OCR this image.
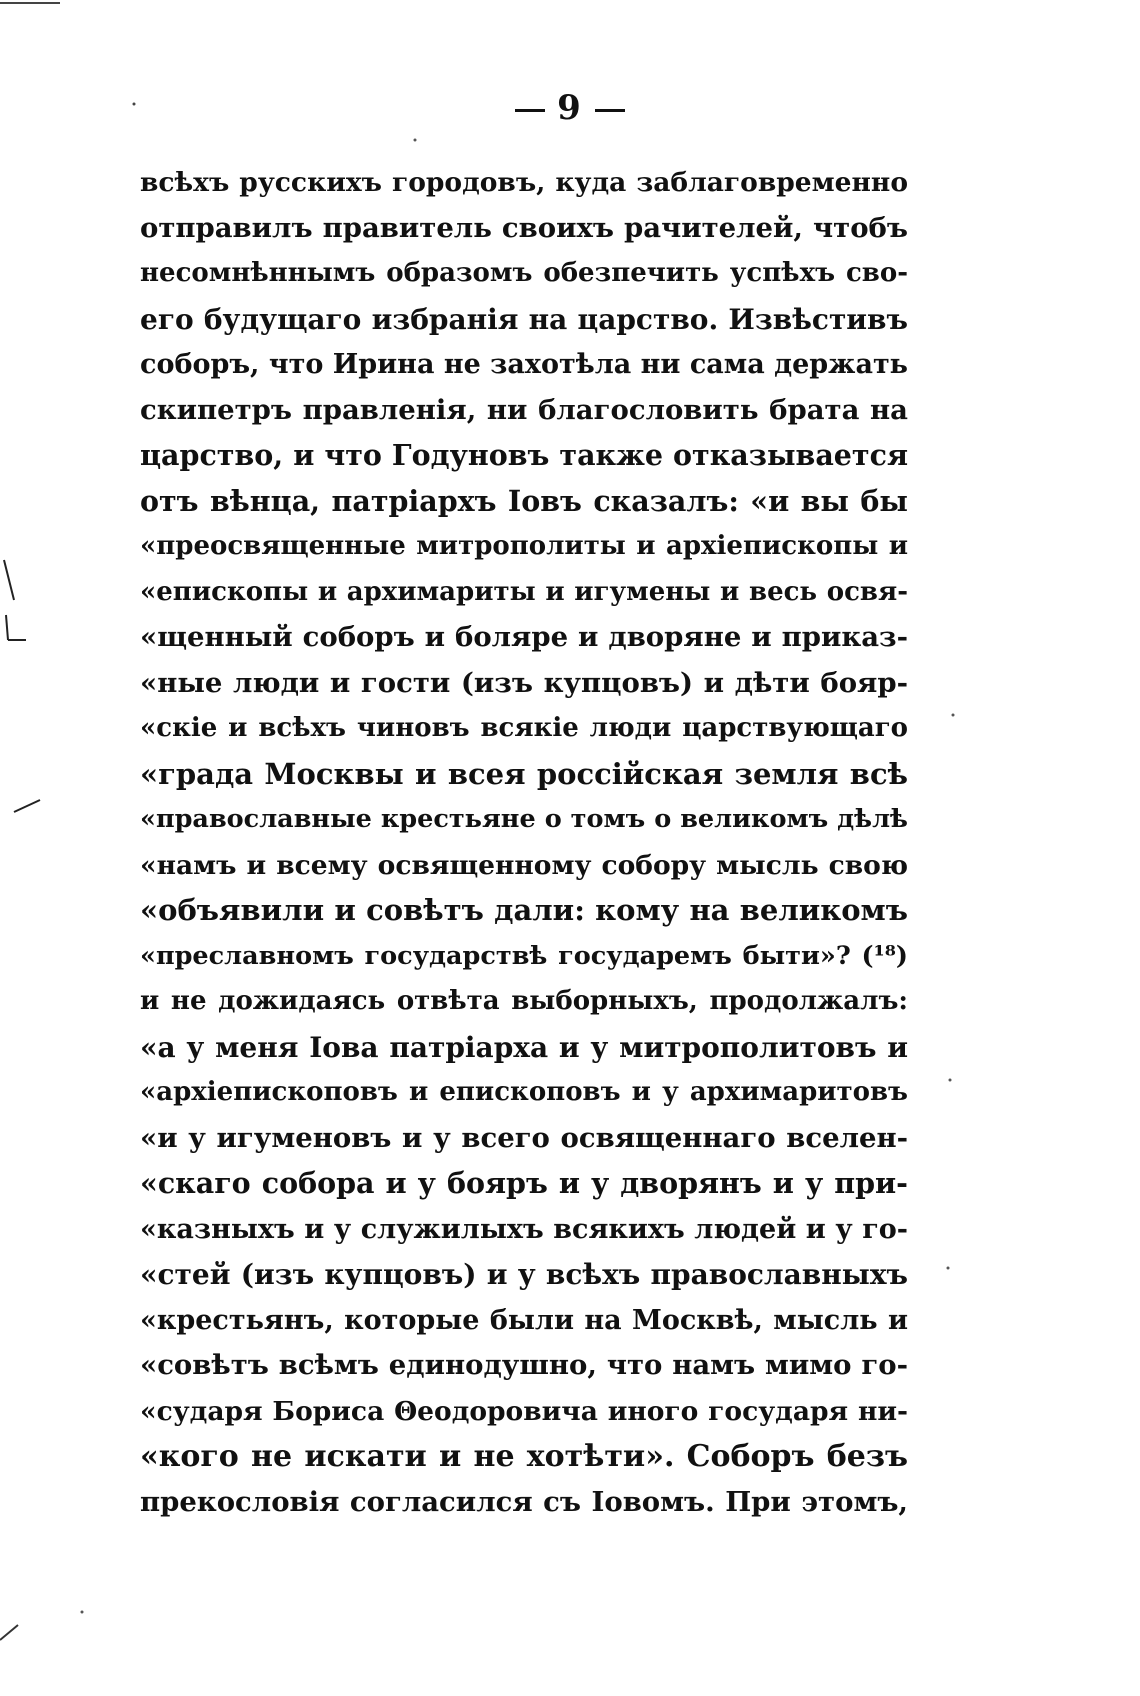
9
всѣхъ русскихъ городовъ, куда заблаговременно
отправилъ правитель своихъ рачителей, чтобъ
несомнѣннымъ образомъ обезпечить успѣхъ сво-
его будущаго избранія на царство. Извѣстивъ
соборъ, что Ирина не захотѣла ни сама держать
скипетръ правленія, ни благословить брата на
царство, и что Годуновъ также отказывается
отъ вѣнца, патріархъ Іовъ сказалъ: «и вы бы
«преосвященные митрополиты и архіепископы и
«епископы и архимариты и игумены и весь освя-
«щенный соборъ и боляре и дворяне и приказ-
«ные люди и гости (изъ купцовъ) и дѣти бояр-
«скіе и всѣхъ чиновъ всякіе люди царствующаго
«града Москвы и всея россійская земля вcѣ
«православные крестьяне о томъ о великомъ дѣлѣ
«намъ и всему освященному собору мысль свою
«объявили и совѣтъ дали: кому на великомъ
«преславномъ государствѣ государемъ быти»? (¹⁸)
и не дожидаясь отвѣта выборныхъ, продолжалъ:
«а у меня Іова патріарха и у митрополитовъ и
«архіепископовъ и епископовъ и у архимаритовъ
«и у игуменовъ и у всего освященнаго вселен-
«скаго собора и у бояръ и у дворянъ и у при-
«казныхъ и у служилыхъ всякихъ людей и у го-
«стей (изъ купцовъ) и у всѣхъ православныхъ
«крестьянъ, которые были на Москвѣ, мысль и
«совѣтъ всѣмъ единодушно, что намъ мимо го-
«сударя Бориса Θеодоровича иного государя ни-
«кого не искати и не хотѣти». Соборъ безъ
прекословія согласился съ Іовомъ. При этомъ,
